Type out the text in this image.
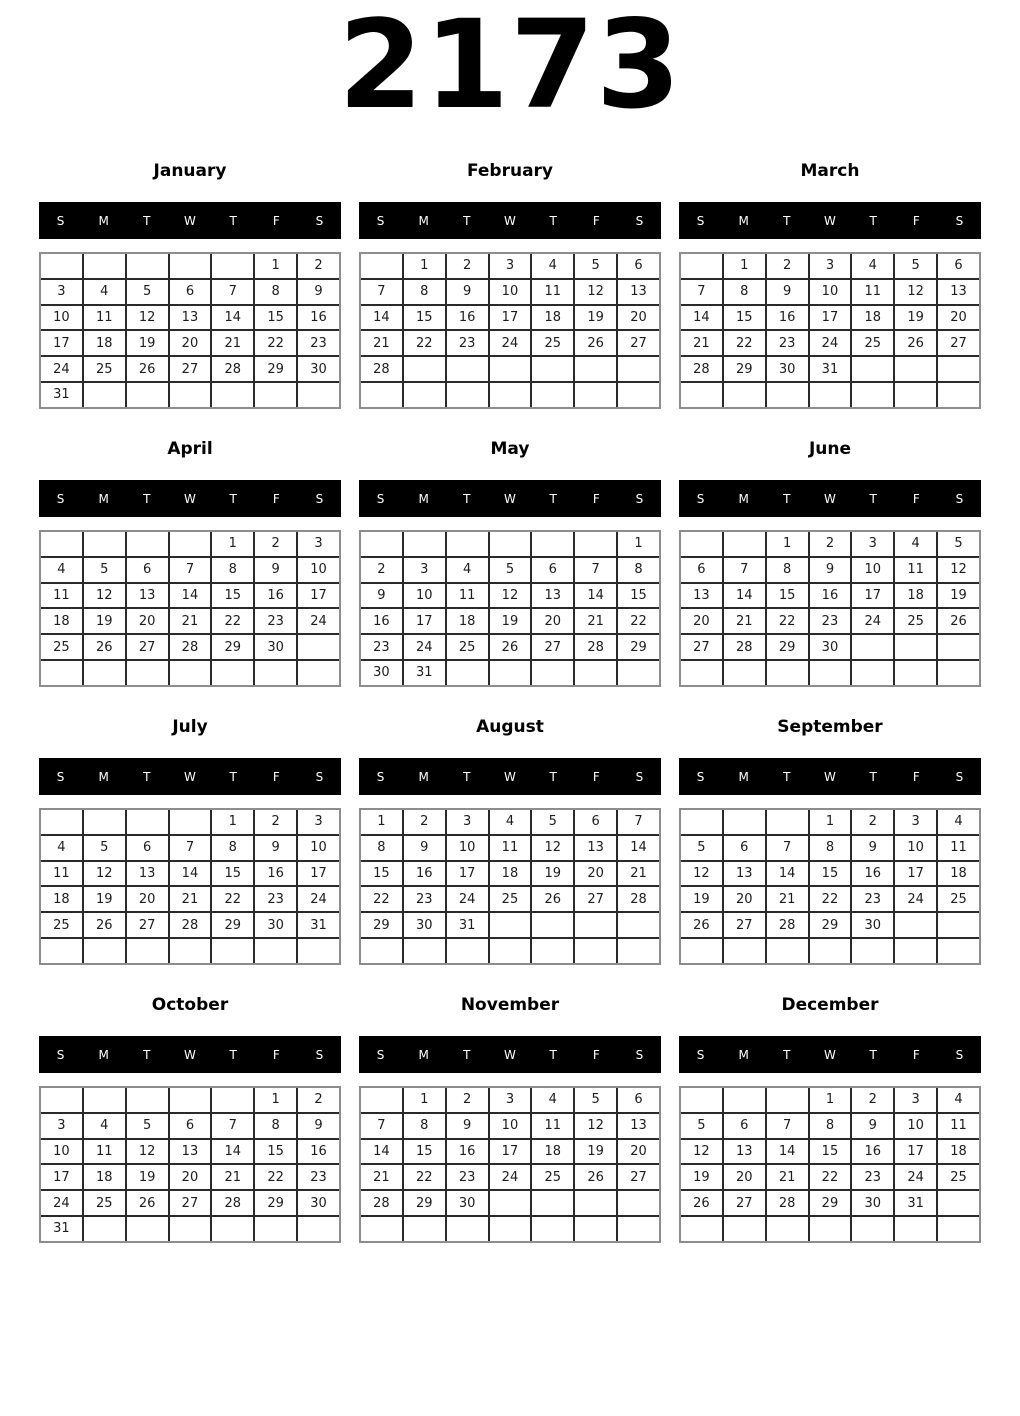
2173
January
S	M	T	W	T	F	S
					1	2
3	4	5	6	7	8	9
10	11	12	13	14	15	16
17	18	19	20	21	22	23
24	25	26	27	28	29	30
31						
February
S	M	T	W	T	F	S
	1	2	3	4	5	6
7	8	9	10	11	12	13
14	15	16	17	18	19	20
21	22	23	24	25	26	27
28						

March
S	M	T	W	T	F	S
	1	2	3	4	5	6
7	8	9	10	11	12	13
14	15	16	17	18	19	20
21	22	23	24	25	26	27
28	29	30	31			

April
S	M	T	W	T	F	S
				1	2	3
4	5	6	7	8	9	10
11	12	13	14	15	16	17
18	19	20	21	22	23	24
25	26	27	28	29	30	

May
S	M	T	W	T	F	S
						1
2	3	4	5	6	7	8
9	10	11	12	13	14	15
16	17	18	19	20	21	22
23	24	25	26	27	28	29
30	31					
June
S	M	T	W	T	F	S
		1	2	3	4	5
6	7	8	9	10	11	12
13	14	15	16	17	18	19
20	21	22	23	24	25	26
27	28	29	30			

July
S	M	T	W	T	F	S
				1	2	3
4	5	6	7	8	9	10
11	12	13	14	15	16	17
18	19	20	21	22	23	24
25	26	27	28	29	30	31

August
S	M	T	W	T	F	S
1	2	3	4	5	6	7
8	9	10	11	12	13	14
15	16	17	18	19	20	21
22	23	24	25	26	27	28
29	30	31				

September
S	M	T	W	T	F	S
			1	2	3	4
5	6	7	8	9	10	11
12	13	14	15	16	17	18
19	20	21	22	23	24	25
26	27	28	29	30		

October
S	M	T	W	T	F	S
					1	2
3	4	5	6	7	8	9
10	11	12	13	14	15	16
17	18	19	20	21	22	23
24	25	26	27	28	29	30
31						
November
S	M	T	W	T	F	S
	1	2	3	4	5	6
7	8	9	10	11	12	13
14	15	16	17	18	19	20
21	22	23	24	25	26	27
28	29	30				

December
S	M	T	W	T	F	S
			1	2	3	4
5	6	7	8	9	10	11
12	13	14	15	16	17	18
19	20	21	22	23	24	25
26	27	28	29	30	31	
